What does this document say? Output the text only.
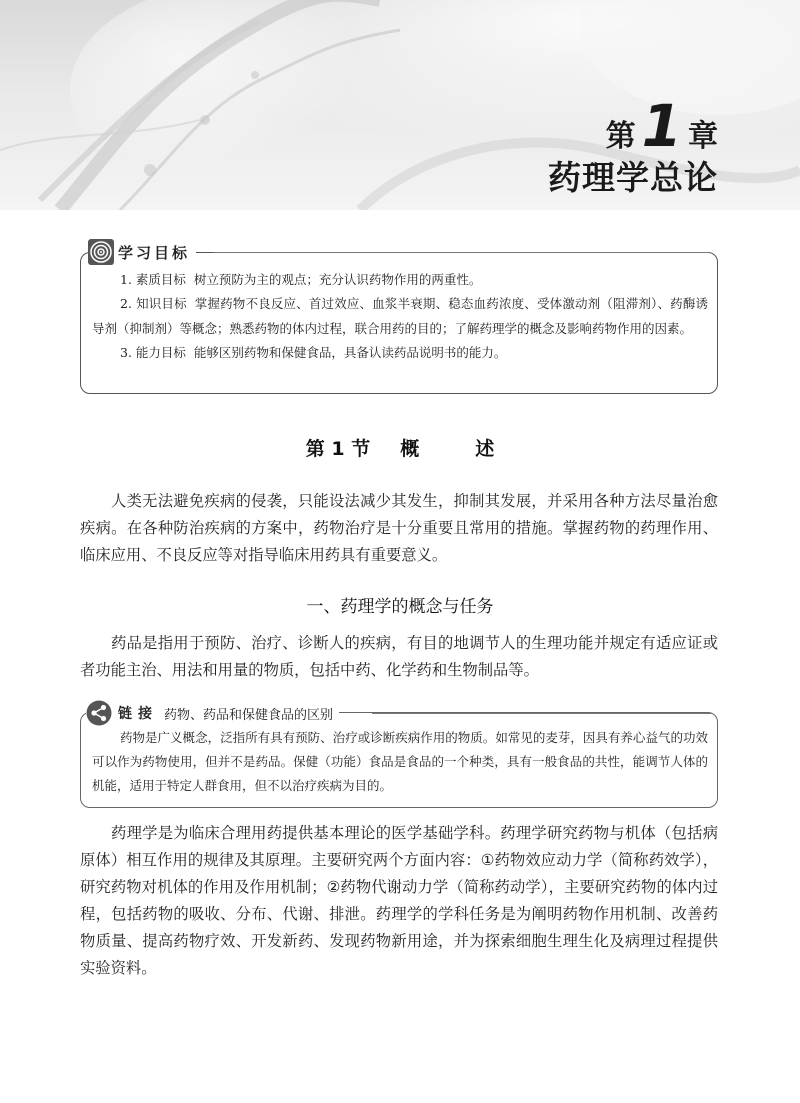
第 1 章
药理学总论
学习目标

1. 素质目标 树立预防为主的观点；充分认识药物作用的两重性。

2. 知识目标 掌握药物不良反应、首过效应、血浆半衰期、稳态血药浓度、受体激动剂（阻滞剂）、药酶诱导剂（抑制剂）等概念；熟悉药物的体内过程，联合用药的目的；了解药理学的概念及影响药物作用的因素。

3. 能力目标 能够区别药物和保健食品，具备认读药品说明书的能力。

第 1 节 概	述

人类无法避免疾病的侵袭，只能设法减少其发生，抑制其发展，并采用各种方法尽量治愈疾病。在各种防治疾病的方案中，药物治疗是十分重要且常用的措施。掌握药物的药理作用、临床应用、不良反应等对指导临床用药具有重要意义。

一、药理学的概念与任务

药品是指用于预防、治疗、诊断人的疾病，有目的地调节人的生理功能并规定有适应证或者功能主治、用法和用量的物质，包括中药、化学药和生物制品等。

链接 药物、药品和保健食品的区别

药物是广义概念，泛指所有具有预防、治疗或诊断疾病作用的物质。如常见的麦芽，因具有养心益气的功效可以作为药物使用，但并不是药品。保健（功能）食品是食品的一个种类，具有一般食品的共性，能调节人体的机能，适用于特定人群食用，但不以治疗疾病为目的。

药理学是为临床合理用药提供基本理论的医学基础学科。药理学研究药物与机体（包括病原体）相互作用的规律及其原理。主要研究两个方面内容：①药物效应动力学（简称药效学），研究药物对机体的作用及作用机制；②药物代谢动力学（简称药动学），主要研究药物的体内过程，包括药物的吸收、分布、代谢、排泄。药理学的学科任务是为阐明药物作用机制、改善药物质量、提高药物疗效、开发新药、发现药物新用途，并为探索细胞生理生化及病理过程提供实验资料。
